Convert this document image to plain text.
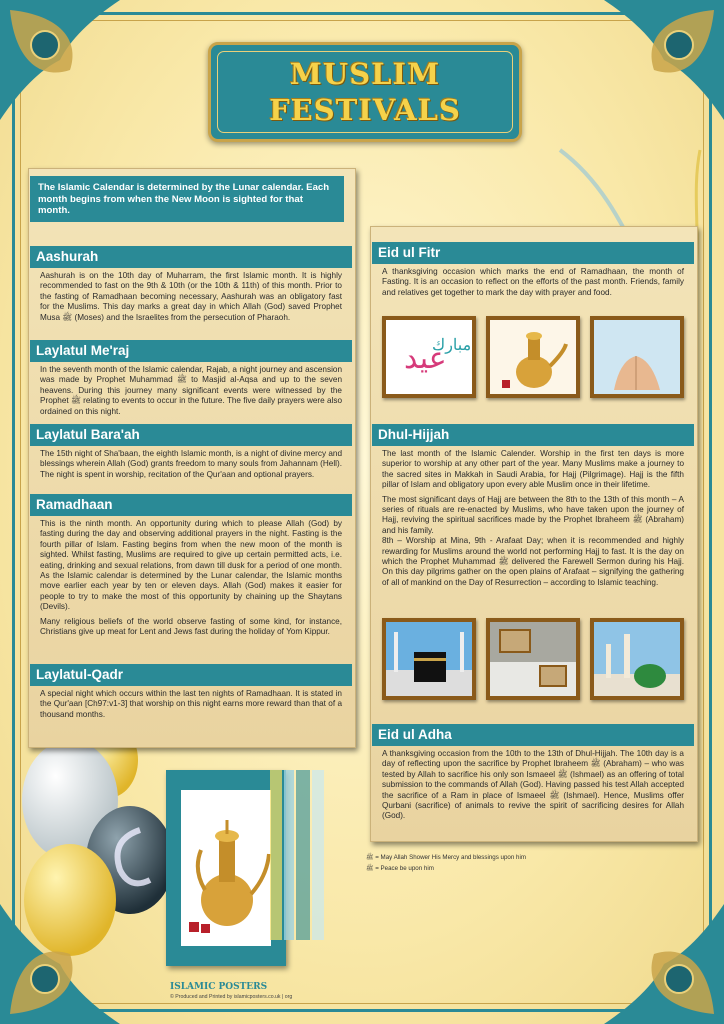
MUSLIM
FESTIVALS
The Islamic Calendar is determined by the Lunar calendar. Each month begins from when the New Moon is sighted for that month.
Aashurah
Aashurah is on the 10th day of Muharram, the first Islamic month. It is highly recommended to fast on the 9th & 10th (or the 10th & 11th) of this month. Prior to the fasting of Ramadhaan becoming necessary, Aashurah was an obligatory fast for the Muslims. This day marks a great day in which Allah (God) saved Prophet Musa ﷺ (Moses) and the Israelites from the persecution of Pharaoh.
Laylatul Me'raj
In the seventh month of the Islamic calendar, Rajab, a night journey and ascension was made by Prophet Muhammad ﷺ to Masjid al-Aqsa and up to the seven heavens. During this journey many significant events were witnessed by the Prophet ﷺ relating to events to occur in the future. The five daily prayers were also ordained on this night.
Laylatul Bara'ah
The 15th night of Sha'baan, the eighth Islamic month, is a night of divine mercy and blessings wherein Allah (God) grants freedom to many souls from Jahannam (Hell). The night is spent in worship, recitation of the Qur'aan and optional prayers.
Ramadhaan
This is the ninth month. An opportunity during which to please Allah (God) by fasting during the day and observing additional prayers in the night. Fasting is the fourth pillar of Islam. Fasting begins from when the new moon of the month is sighted. Whilst fasting, Muslims are required to give up certain permitted acts, i.e. eating, drinking and sexual relations, from dawn till dusk for a period of one month. As the Islamic calendar is determined by the Lunar calendar, the Islamic months move earlier each year by ten or eleven days. Allah (God) makes it easier for people to try to make the most of this opportunity by chaining up the Shaytans (Devils).
Many religious beliefs of the world observe fasting of some kind, for instance, Christians give up meat for Lent and Jews fast during the holiday of Yom Kippur.
Laylatul-Qadr
A special night which occurs within the last ten nights of Ramadhaan. It is stated in the Qur'aan [Ch97:v1-3] that worship on this night earns more reward than that of a thousand months.
Eid ul Fitr
A thanksgiving occasion which marks the end of Ramadhaan, the month of Fasting. It is an occasion to reflect on the efforts of the past month. Friends, family and relatives get together to mark the day with prayer and food.
ﻋﻴﺪ
ﻣﺒﺎﺭﻙ
Dhul-Hijjah
The last month of the Islamic Calender. Worship in the first ten days is more superior to worship at any other part of the year. Many Muslims make a journey to the sacred sites in Makkah in Saudi Arabia, for Hajj (Pilgrimage). Hajj is the fifth pillar of Islam and obligatory upon every able Muslim once in their lifetime.
The most significant days of Hajj are between the 8th to the 13th of this month – A series of rituals are re-enacted by Muslims, who have taken upon the journey of Hajj, reviving the spiritual sacrifices made by the Prophet Ibraheem ﷺ (Abraham) and his family.
8th – Worship at Mina, 9th - Arafaat Day; when it is recommended and highly rewarding for Muslims around the world not performing Hajj to fast. It is the day on which the Prophet Muhammad ﷺ delivered the Farewell Sermon during his Hajj. On this day pilgrims gather on the open plains of Arafaat – signifying the gathering of all of mankind on the Day of Resurrection – according to Islamic teaching.
Eid ul Adha
A thanksgiving occasion from the 10th to the 13th of Dhul-Hijjah. The 10th day is a day of reflecting upon the sacrifice by Prophet Ibraheem ﷺ (Abraham) – who was tested by Allah to sacrifice his only son Ismaeel ﷺ (Ishmael) as an offering of total submission to the commands of Allah (God). Having passed his test Allah accepted the sacrifice of a Ram in place of Ismaeel ﷺ (Ishmael). Hence, Muslims offer Qurbani (sacrifice) of animals to revive the spirit of sacrificing desires for Allah (God).
ﷺ = May Allah Shower His Mercy and blessings upon him
ﷺ = Peace be upon him
ISLAMIC POSTERS
© Produced and Printed by islamicposters.co.uk | org
